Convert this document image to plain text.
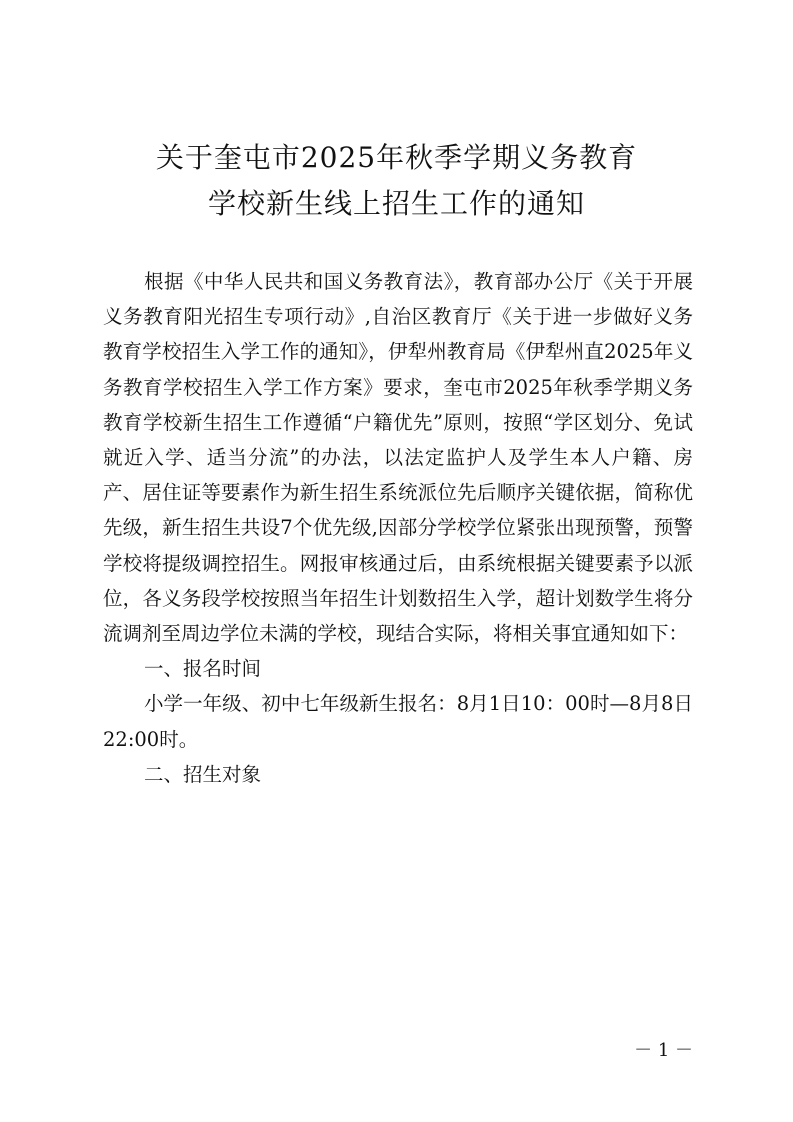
关于奎屯市2025年秋季学期义务教育
学校新生线上招生工作的通知

根据《中华人民共和国义务教育法》，教育部办公厅《关于开展义务教育阳光招生专项行动》,自治区教育厅《关于进一步做好义务教育学校招生入学工作的通知》，伊犁州教育局《伊犁州直2025年义务教育学校招生入学工作方案》要求，奎屯市2025年秋季学期义务教育学校新生招生工作遵循“户籍优先”原则，按照“学区划分、免试就近入学、适当分流”的办法，以法定监护人及学生本人户籍、房产、居住证等要素作为新生招生系统派位先后顺序关键依据，简称优先级，新生招生共设7个优先级,因部分学校学位紧张出现预警，预警学校将提级调控招生。网报审核通过后，由系统根据关键要素予以派位，各义务段学校按照当年招生计划数招生入学，超计划数学生将分流调剂至周边学位未满的学校，现结合实际，将相关事宜通知如下：

一、报名时间

小学一年级、初中七年级新生报名：8月1日10：00时—8月8日22:00时。

二、招生对象

－ 1 －
